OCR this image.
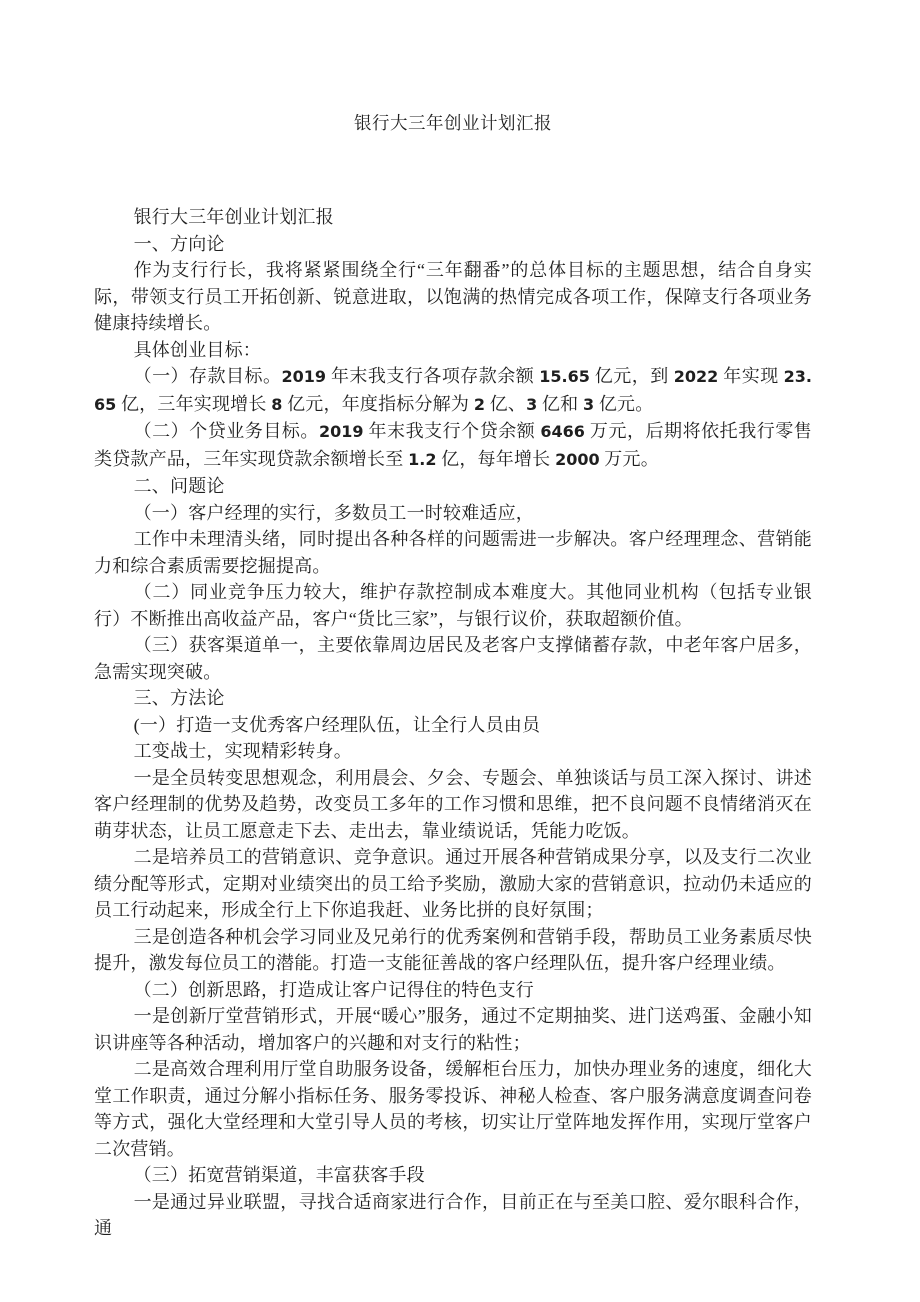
银行大三年创业计划汇报

银行大三年创业计划汇报

一、方向论

作为支行行长，我将紧紧围绕全行“三年翻番”的总体目标的主题思想，结合自身实际，带领支行员工开拓创新、锐意进取，以饱满的热情完成各项工作，保障支行各项业务健康持续增长。

具体创业目标：

（一）存款目标。2019 年末我支行各项存款余额 15.65 亿元，到 2022 年实现 23.65 亿，三年实现增长 8 亿元，年度指标分解为 2 亿、3 亿和 3 亿元。

（二）个贷业务目标。2019 年末我支行个贷余额 6466 万元，后期将依托我行零售类贷款产品，三年实现贷款余额增长至 1.2 亿，每年增长 2000 万元。

二、问题论

（一）客户经理的实行，多数员工一时较难适应，

工作中未理清头绪，同时提出各种各样的问题需进一步解决。客户经理理念、营销能力和综合素质需要挖掘提高。

（二）同业竞争压力较大，维护存款控制成本难度大。其他同业机构（包括专业银行）不断推出高收益产品，客户“货比三家”，与银行议价，获取超额价值。

（三）获客渠道单一，主要依靠周边居民及老客户支撑储蓄存款，中老年客户居多，急需实现突破。

三、方法论

(一）打造一支优秀客户经理队伍，让全行人员由员

工变战士，实现精彩转身。

一是全员转变思想观念，利用晨会、夕会、专题会、单独谈话与员工深入探讨、讲述客户经理制的优势及趋势，改变员工多年的工作习惯和思维，把不良问题不良情绪消灭在萌芽状态，让员工愿意走下去、走出去，靠业绩说话，凭能力吃饭。

二是培养员工的营销意识、竞争意识。通过开展各种营销成果分享，以及支行二次业绩分配等形式，定期对业绩突出的员工给予奖励，激励大家的营销意识，拉动仍未适应的员工行动起来，形成全行上下你追我赶、业务比拼的良好氛围；

三是创造各种机会学习同业及兄弟行的优秀案例和营销手段，帮助员工业务素质尽快提升，激发每位员工的潜能。打造一支能征善战的客户经理队伍，提升客户经理业绩。

（二）创新思路，打造成让客户记得住的特色支行

一是创新厅堂营销形式，开展“暖心”服务，通过不定期抽奖、进门送鸡蛋、金融小知识讲座等各种活动，增加客户的兴趣和对支行的粘性；

二是高效合理利用厅堂自助服务设备，缓解柜台压力，加快办理业务的速度，细化大堂工作职责，通过分解小指标任务、服务零投诉、神秘人检查、客户服务满意度调查问卷等方式，强化大堂经理和大堂引导人员的考核，切实让厅堂阵地发挥作用，实现厅堂客户二次营销。

（三）拓宽营销渠道，丰富获客手段

一是通过异业联盟，寻找合适商家进行合作，目前正在与至美口腔、爱尔眼科合作，通
